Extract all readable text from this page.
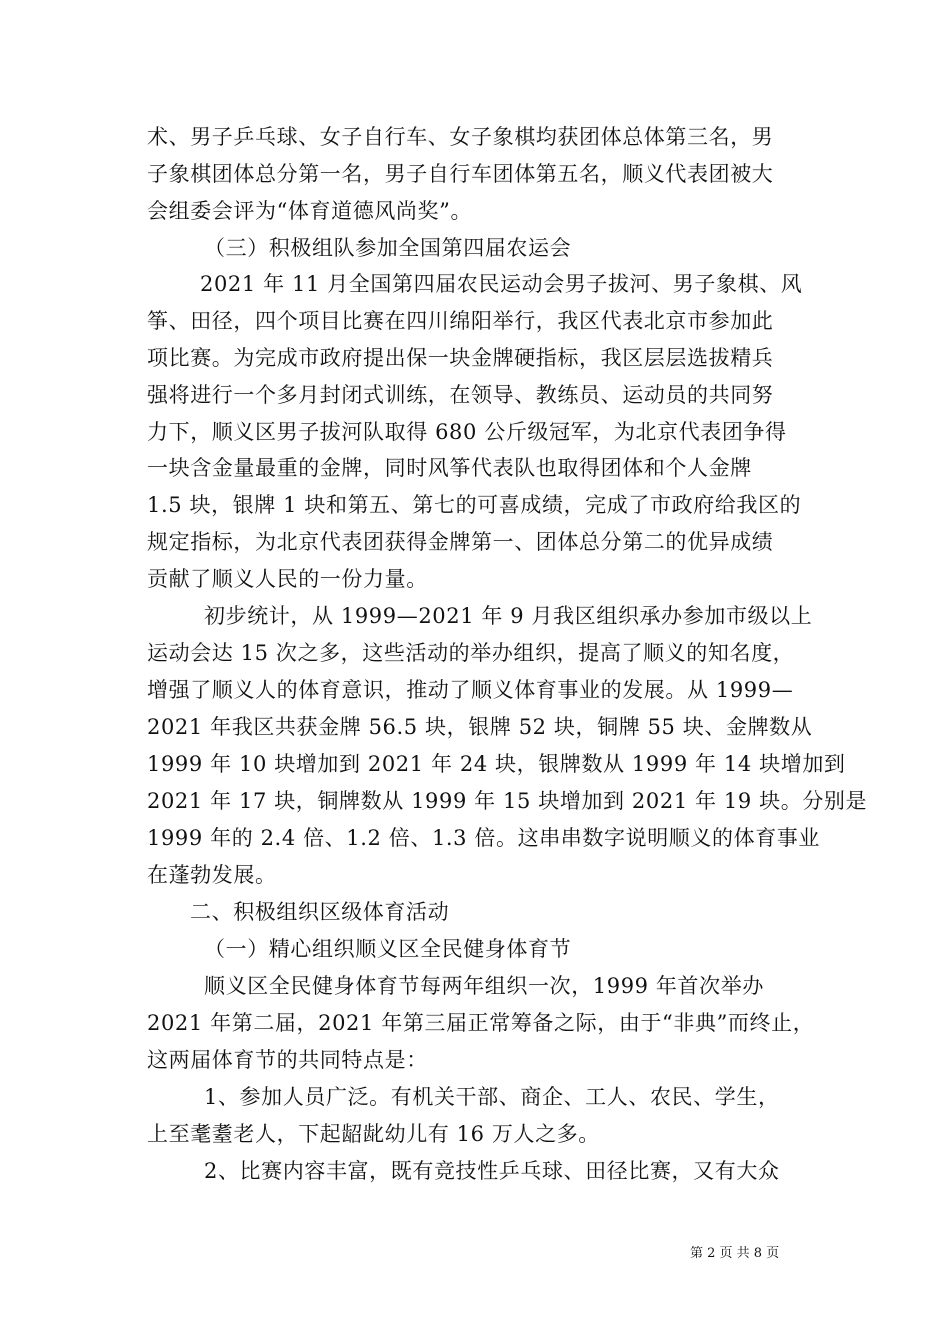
术、男子乒乓球、女子自行车、女子象棋均获团体总体第三名，男
子象棋团体总分第一名，男子自行车团体第五名，顺义代表团被大
会组委会评为“体育道德风尚奖”。
（三）积极组队参加全国第四届农运会
2021 年 11 月全国第四届农民运动会男子拔河、男子象棋、风
筝、田径，四个项目比赛在四川绵阳举行，我区代表北京市参加此
项比赛。为完成市政府提出保一块金牌硬指标，我区层层选拔精兵
强将进行一个多月封闭式训练，在领导、教练员、运动员的共同努
力下，顺义区男子拔河队取得 680 公斤级冠军，为北京代表团争得
一块含金量最重的金牌，同时风筝代表队也取得团体和个人金牌
1.5 块，银牌 1 块和第五、第七的可喜成绩，完成了市政府给我区的
规定指标，为北京代表团获得金牌第一、团体总分第二的优异成绩
贡献了顺义人民的一份力量。
初步统计，从 1999—2021 年 9 月我区组织承办参加市级以上
运动会达 15 次之多，这些活动的举办组织，提高了顺义的知名度，
增强了顺义人的体育意识，推动了顺义体育事业的发展。从 1999—
2021 年我区共获金牌 56.5 块，银牌 52 块，铜牌 55 块、金牌数从
1999 年 10 块增加到 2021 年 24 块，银牌数从 1999 年 14 块增加到
2021 年 17 块，铜牌数从 1999 年 15 块增加到 2021 年 19 块。分别是
1999 年的 2.4 倍、1.2 倍、1.3 倍。这串串数字说明顺义的体育事业
在蓬勃发展。
二、积极组织区级体育活动
（一）精心组织顺义区全民健身体育节
顺义区全民健身体育节每两年组织一次，1999 年首次举办
2021 年第二届，2021 年第三届正常筹备之际，由于“非典”而终止，
这两届体育节的共同特点是：
1、参加人员广泛。有机关干部、商企、工人、农民、学生，
上至耄耋老人，下起龆龀幼儿有 16 万人之多。
2、比赛内容丰富，既有竞技性乒乓球、田径比赛，又有大众
第 2 页 共 8 页
